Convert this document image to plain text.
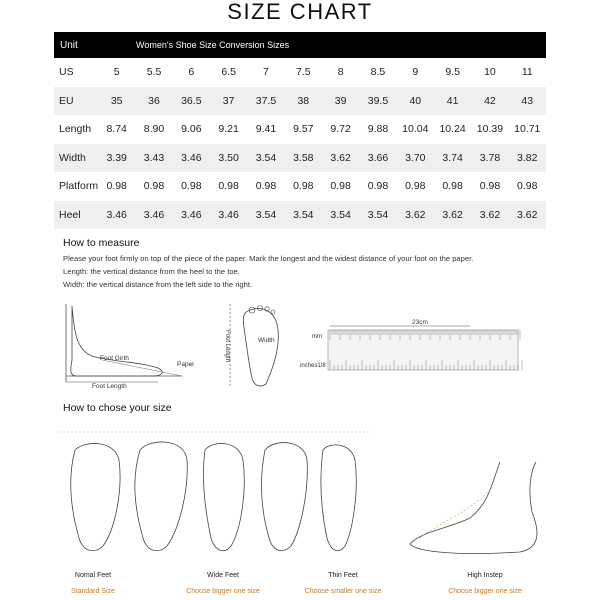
SIZE CHART
Unit	Women's Shoe Size Conversion Sizes
US	5	5.5	6	6.5	7	7.5	8	8.5	9	9.5	10	11
EU	35	36	36.5	37	37.5	38	39	39.5	40	41	42	43
Length	8.74	8.90	9.06	9.21	9.41	9.57	9.72	9.88	10.04	10.24	10.39	10.71
Width	3.39	3.43	3.46	3.50	3.54	3.58	3.62	3.66	3.70	3.74	3.78	3.82
Platform 0.98	0.98	0.98	0.98	0.98	0.98	0.98	0.98	0.98	0.98	0.98	0.98
Heel	3.46	3.46	3.46	3.46	3.54	3.54	3.54	3.54	3.62	3.62	3.62	3.62
How to measure
Please your foot firmly on top of the piece of the paper. Mark the longest and the widest distance of your foot on the paper.
Length: the vertical distance from the heel to the toe.
Width: the vertical distance from the left side to the right.
Foot Girth
Paper
Foot Length
Width
Foot Length
23cm
mm
inches1/8
How to chose your size
Nomal Feet
Standard Size
Wide Feet
Choose bigger one size
Thin Feet
Choose smaller one size
High Instep
Choose bigger one size
